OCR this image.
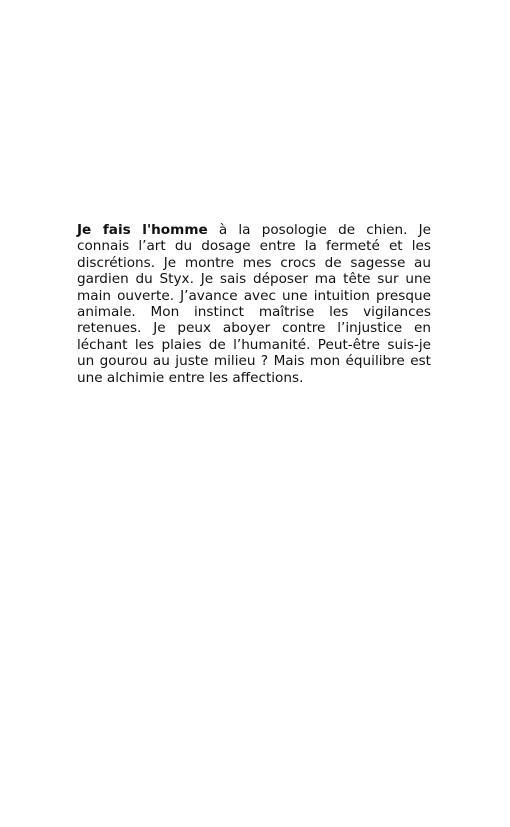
Je fais l'homme à la posologie de chien. Je connais l’art du dosage entre la fermeté et les discrétions. Je montre mes crocs de sagesse au gardien du Styx. Je sais déposer ma tête sur une main ouverte. J’avance avec une intuition presque animale. Mon instinct maîtrise les vigilances retenues. Je peux aboyer contre l’injustice en léchant les plaies de l’humanité. Peut-être suis-je un gourou au juste milieu ? Mais mon équilibre est une alchimie entre les affections.
